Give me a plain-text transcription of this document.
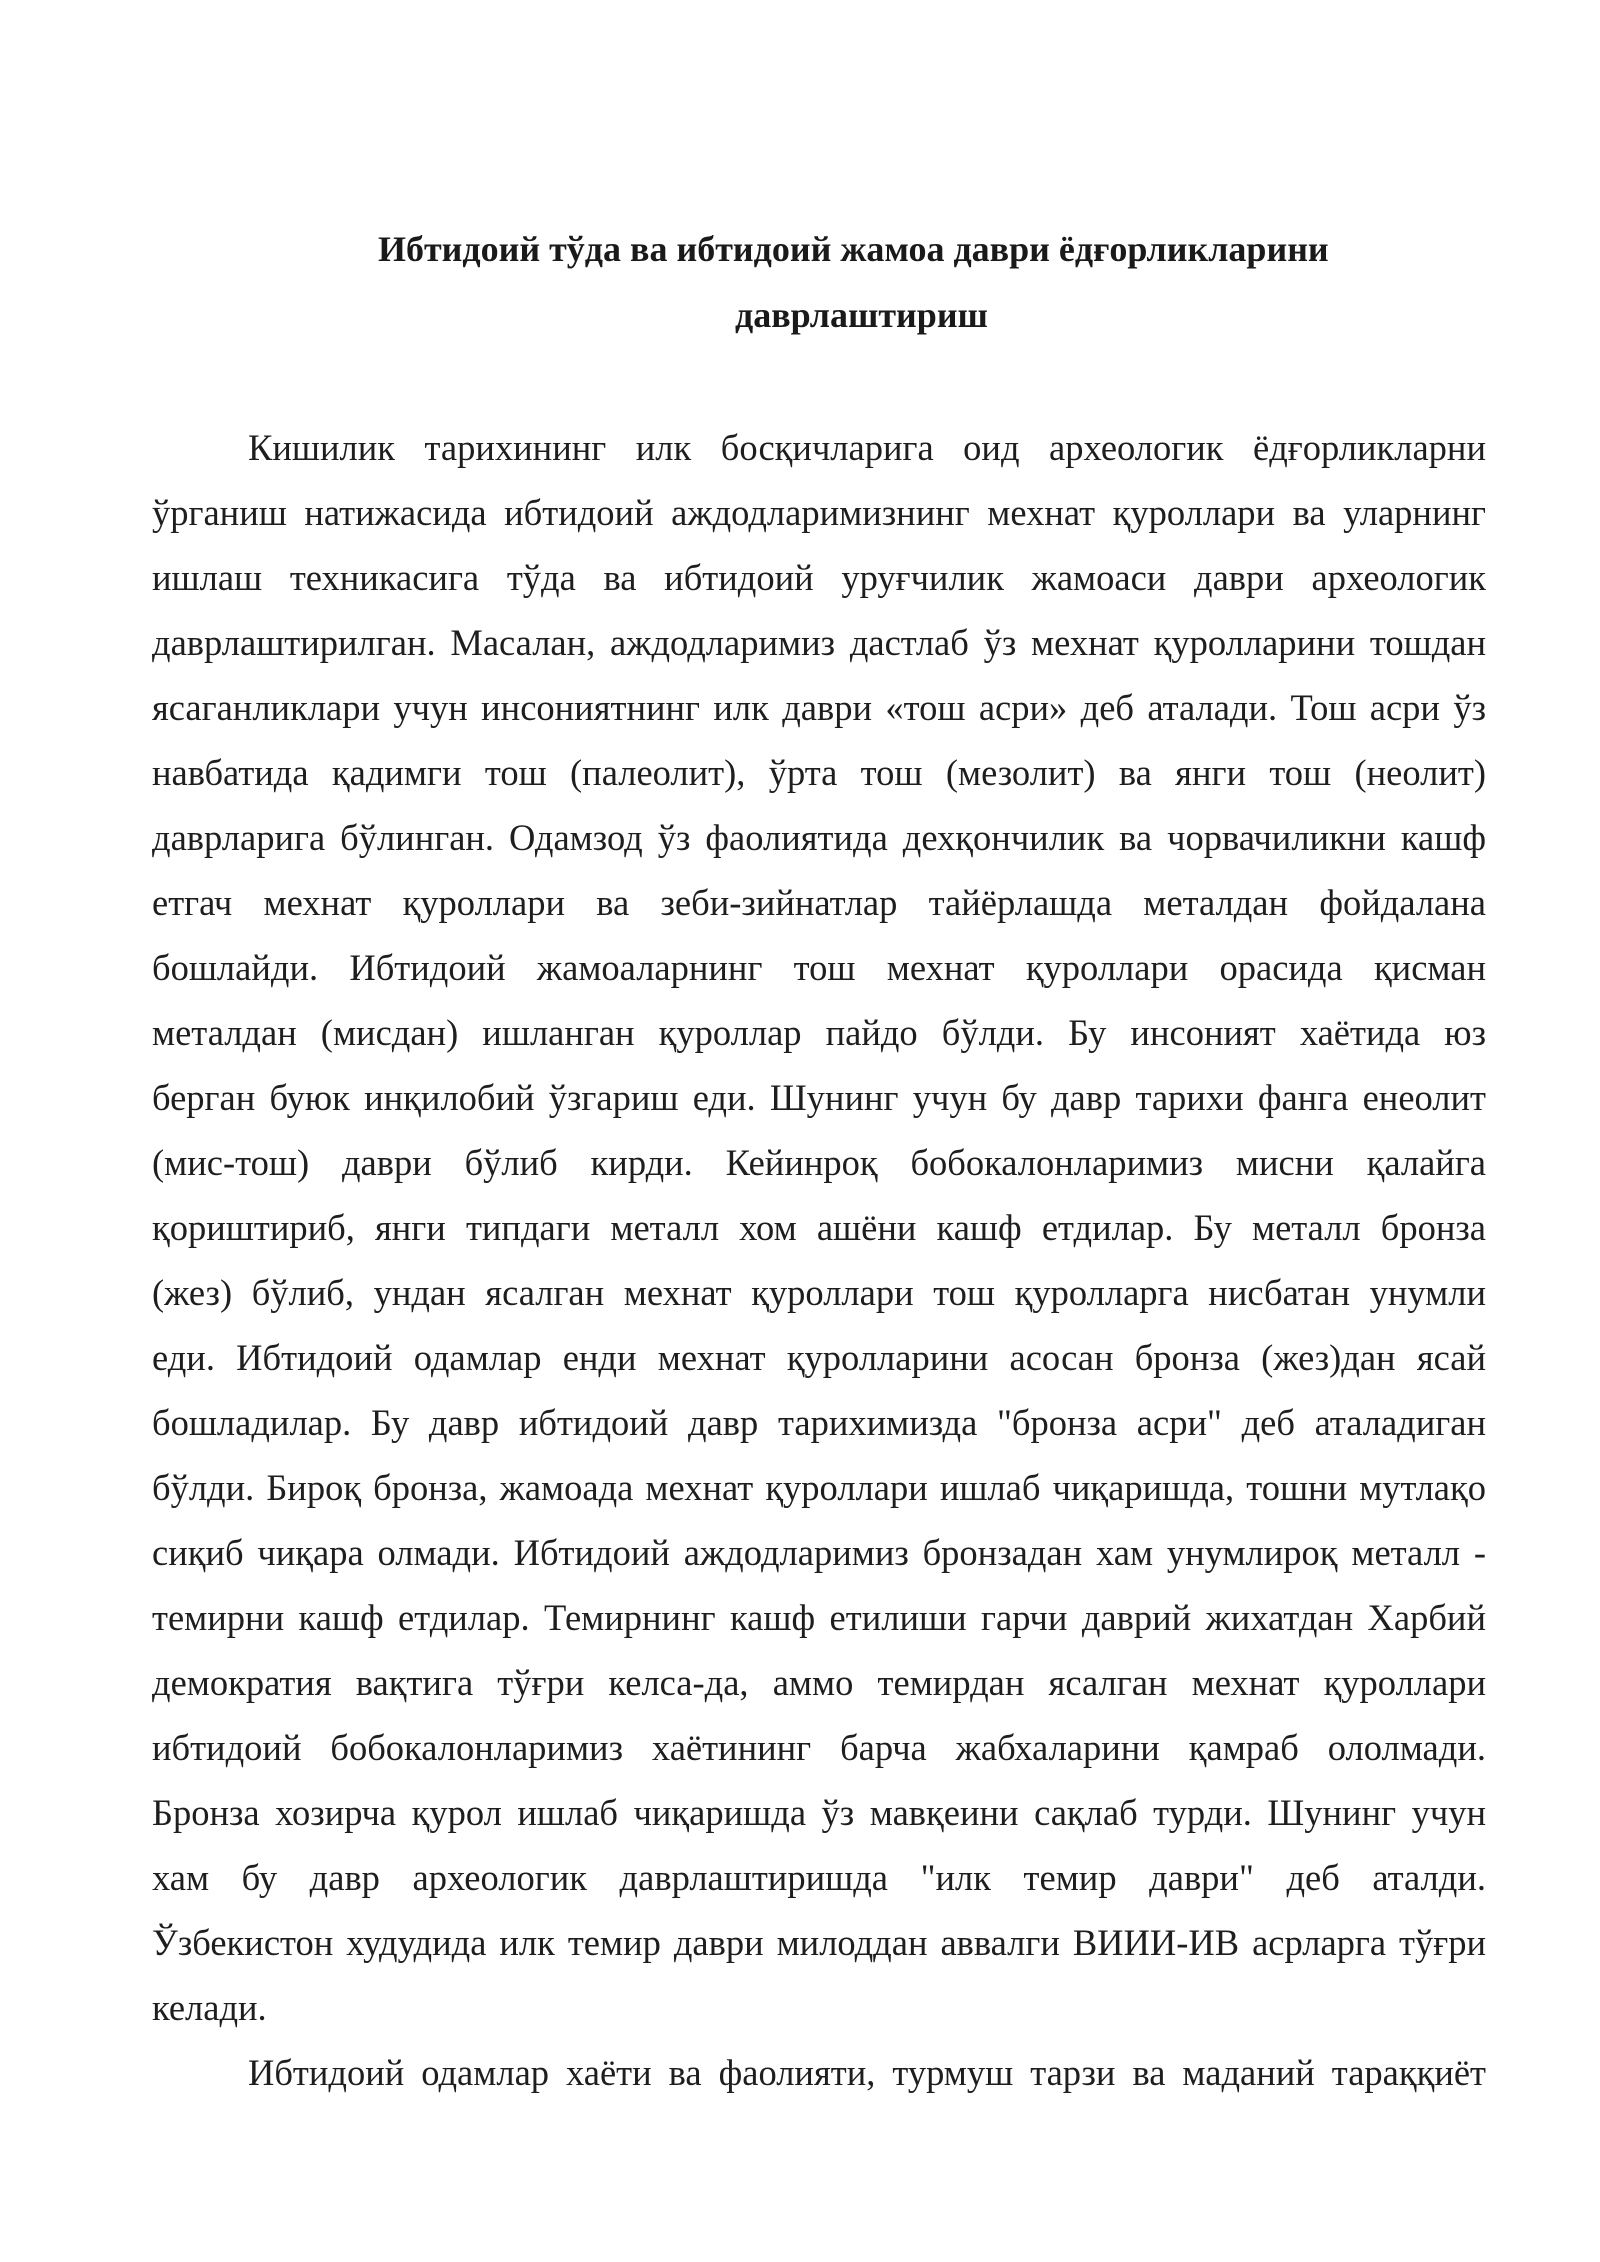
Ибтидоий тўда ва ибтидоий жамоа даври ёдғорликларини
даврлаштириш
Кишилик тарихининг илк босқичларига оид археологик ёдғорликларни
ўрганиш натижасида ибтидоий аждодларимизнинг мехнат қуроллари ва уларнинг
ишлаш техникасига тўда ва ибтидоий уруғчилик жамоаси даври археологик
даврлаштирилган. Масалан, аждодларимиз дастлаб ўз мехнат қуролларини тошдан
ясаганликлари учун инсониятнинг илк даври «тош асри» деб аталади. Тош асри ўз
навбатида қадимги тош (палеолит), ўрта тош (мезолит) ва янги тош (неолит)
даврларига бўлинган. Одамзод ўз фаолиятида дехқончилик ва чорвачиликни кашф
етгач мехнат қуроллари ва зеби-зийнатлар тайёрлашда металдан фойдалана
бошлайди. Ибтидоий жамоаларнинг тош мехнат қуроллари орасида қисман
металдан (мисдан) ишланган қуроллар пайдо бўлди. Бу инсоният хаётида юз
берган буюк инқилобий ўзгариш еди. Шунинг учун бу давр тарихи фанга енеолит
(мис-тош) даври бўлиб кирди. Кейинроқ бобокалонларимиз мисни қалайга
қориштириб, янги типдаги металл хом ашёни кашф етдилар. Бу металл бронза
(жез) бўлиб, ундан ясалган мехнат қуроллари тош қуролларга нисбатан унумли
еди. Ибтидоий одамлар енди мехнат қуролларини асосан бронза (жез)дан ясай
бошладилар. Бу давр ибтидоий давр тарихимизда "бронза асри" деб аталадиган
бўлди. Бироқ бронза, жамоада мехнат қуроллари ишлаб чиқаришда, тошни мутлақо
сиқиб чиқара олмади. Ибтидоий аждодларимиз бронзадан хам унумлироқ металл -
темирни кашф етдилар. Темирнинг кашф етилиши гарчи даврий жихатдан Харбий
демократия вақтига тўғри келса-да, аммо темирдан ясалган мехнат қуроллари
ибтидоий бобокалонларимиз хаётининг барча жабхаларини қамраб ололмади.
Бронза хозирча қурол ишлаб чиқаришда ўз мавқеини сақлаб турди. Шунинг учун
хам бу давр археологик даврлаштиришда "илк темир даври" деб аталди.
Ўзбекистон худудида илк темир даври милоддан аввалги ВИИИ-ИВ асрларга тўғри
келади.
Ибтидоий одамлар хаёти ва фаолияти, турмуш тарзи ва маданий тараққиёт
